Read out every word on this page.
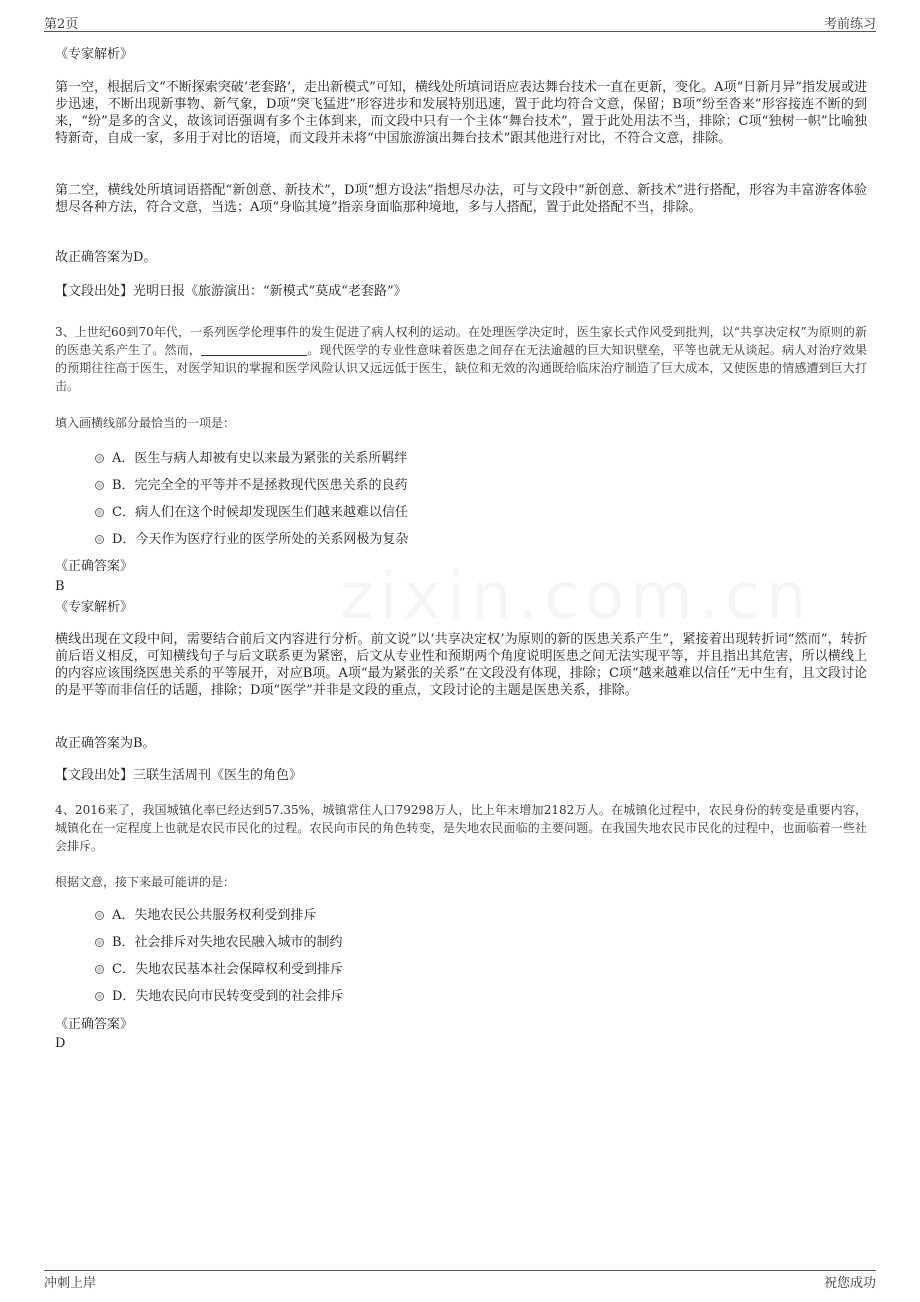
第2页	考前练习
《专家解析》
第一空，根据后文“不断探索突破‘老套路’，走出新模式”可知，横线处所填词语应表达舞台技术一直在更新，变化。A项“日新月异”指发展或进步迅速，不断出现新事物、新气象，D项“突飞猛进”形容进步和发展特别迅速，置于此均符合文意，保留；B项“纷至沓来”形容接连不断的到来，“纷”是多的含义，故该词语强调有多个主体到来，而文段中只有一个主体“舞台技术”，置于此处用法不当，排除；C项“独树一帜”比喻独特新奇，自成一家，多用于对比的语境，而文段并未将“中国旅游演出舞台技术”跟其他进行对比，不符合文意，排除。
第二空，横线处所填词语搭配“新创意、新技术”，D项“想方设法”指想尽办法，可与文段中“新创意、新技术”进行搭配，形容为丰富游客体验想尽各种方法，符合文意，当选；A项“身临其境”指亲身面临那种境地，多与人搭配，置于此处搭配不当，排除。
故正确答案为D。
【文段出处】光明日报《旅游演出：“新模式”莫成“老套路”》
3、上世纪60到70年代，一系列医学伦理事件的发生促进了病人权利的运动。在处理医学决定时，医生家长式作风受到批判，以“共享决定权”为原则的新的医患关系产生了。然而，	。现代医学的专业性意味着医患之间存在无法逾越的巨大知识壁垒，平等也就无从谈起。病人对治疗效果的预期往往高于医生，对医学知识的掌握和医学风险认识又远远低于医生，缺位和无效的沟通既给临床治疗制造了巨大成本，又使医患的情感遭到巨大打击。
填入画横线部分最恰当的一项是：
A．医生与病人却被有史以来最为紧张的关系所羁绊
B．完完全全的平等并不是拯救现代医患关系的良药
C．病人们在这个时候却发现医生们越来越难以信任
D．今天作为医疗行业的医学所处的关系网极为复杂
《正确答案》
B
《专家解析》
横线出现在文段中间，需要结合前后文内容进行分析。前文说“以‘共享决定权’为原则的新的医患关系产生”，紧接着出现转折词“然而”，转折前后语义相反，可知横线句子与后文联系更为紧密，后文从专业性和预期两个角度说明医患之间无法实现平等，并且指出其危害，所以横线上的内容应该围绕医患关系的平等展开，对应B项。A项“最为紧张的关系”在文段没有体现，排除；C项“越来越难以信任”无中生有，且文段讨论的是平等而非信任的话题，排除；D项“医学”并非是文段的重点，文段讨论的主题是医患关系，排除。
故正确答案为B。
【文段出处】三联生活周刊《医生的角色》
4、2016来了，我国城镇化率已经达到57.35%，城镇常住人口79298万人，比上年末增加2182万人。在城镇化过程中，农民身份的转变是重要内容，城镇化在一定程度上也就是农民市民化的过程。农民向市民的角色转变，是失地农民面临的主要问题。在我国失地农民市民化的过程中，也面临着一些社会排斥。
根据文意，接下来最可能讲的是：
A．失地农民公共服务权利受到排斥
B．社会排斥对失地农民融入城市的制约
C．失地农民基本社会保障权利受到排斥
D．失地农民向市民转变受到的社会排斥
《正确答案》
D
冲刺上岸	祝您成功
